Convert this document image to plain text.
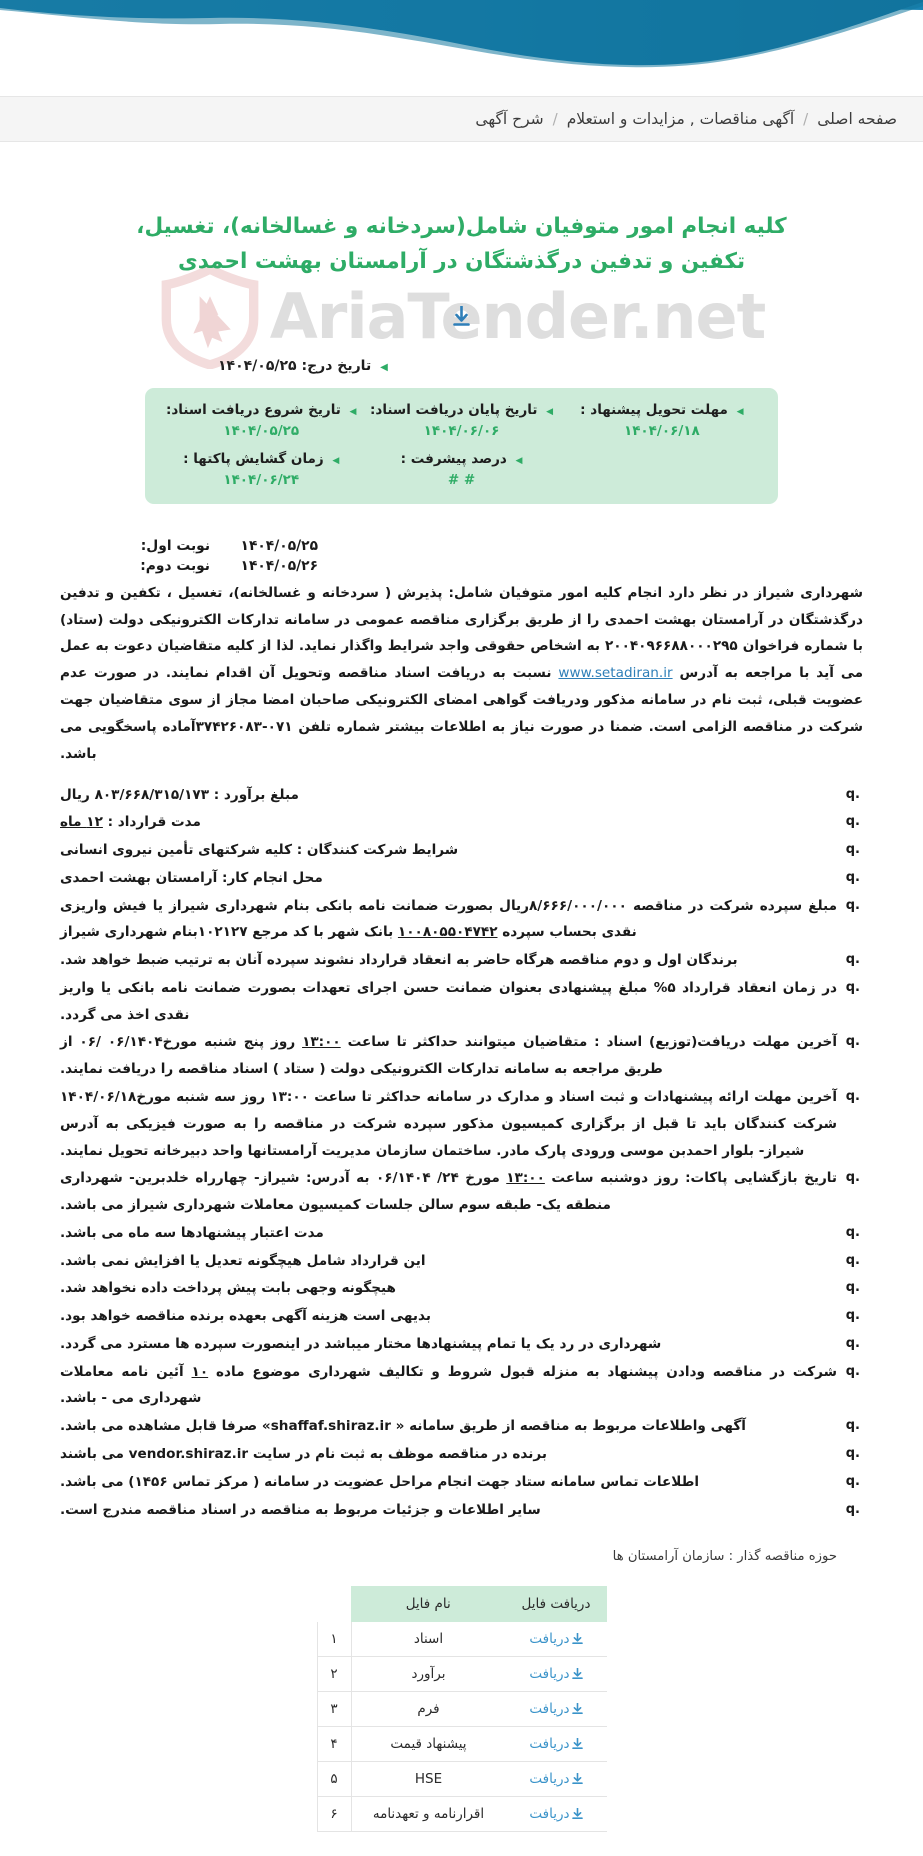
صفحه اصلی
/
آگهی مناقصات , مزایدات و استعلام
/
شرح آگهی
AriaTender.net
کلیه انجام امور متوفیان شامل(سردخانه و غسالخانه)، تغسیل، تکفین و تدفین درگذشتگان در آرامستان بهشت احمدی
◀ تاریخ درج: ۱۴۰۴/۰۵/۲۵
◀ مهلت تحویل پیشنهاد :
۱۴۰۴/۰۶/۱۸
◀ تاریخ پایان دریافت اسناد:
۱۴۰۴/۰۶/۰۶
◀ تاریخ شروع دریافت اسناد:
۱۴۰۴/۰۵/۲۵
◀ درصد پیشرفت :
# #
◀ زمان گشایش پاکتها :
۱۴۰۴/۰۶/۲۴
۱۴۰۴/۰۵/۲۵
نوبت اول:
۱۴۰۴/۰۵/۲۶
نوبت دوم:

شهرداری شیراز در نظر دارد انجام کلیه امور متوفیان شامل: پذیرش ( سردخانه و غسالخانه)، تغسیل ، تکفین و تدفین درگذشتگان در آرامستان بهشت احمدی را از طریق برگزاری مناقصه عمومی در سامانه تدارکات الکترونیکی دولت (ستاد) با شماره فراخوان ۲۰۰۴۰۹۶۶۸۸۰۰۰۲۹۵ به اشخاص حقوقی واجد شرایط واگذار نماید. لذا از کلیه متقاضیان دعوت به عمل می آید با مراجعه به آدرس www.setadiran.ir نسبت به دریافت اسناد مناقصه وتحویل آن اقدام نمایند. در صورت عدم عضویت قبلی، ثبت نام در سامانه مذکور ودریافت گواهی امضای الکترونیکی صاحبان امضا مجاز از سوی متقاضیان جهت شرکت در مناقصه الزامی است. ضمنا در صورت نیاز به اطلاعات بیشتر شماره تلفن ۰۷۱-۳۷۴۲۶۰۸۳آماده پاسخگویی می باشد.

q. مبلغ برآورد : ۸۰۳/۶۶۸/۳۱۵/۱۷۳ ریال
q. مدت قرارداد : ۱۲ ماه
q. شرایط شرکت کنندگان : کلیه شرکتهای تأمین نیروی انسانی
q. محل انجام کار: آرامستان بهشت احمدی
q. مبلغ سپرده شرکت در مناقصه ۸/۶۶۶/۰۰۰/۰۰۰ریال بصورت ضمانت نامه بانکی بنام شهرداری شیراز یا فیش واریزی نقدی بحساب سپرده ۱۰۰۸۰۵۵۰۴۷۴۲ بانک شهر با کد مرجع ۱۰۲۱۲۷بنام شهرداری شیراز
q. برندگان اول و دوم مناقصه هرگاه حاضر به انعقاد قرارداد نشوند سپرده آنان به ترتیب ضبط خواهد شد.
q. در زمان انعقاد قرارداد ۵% مبلغ پیشنهادی بعنوان ضمانت حسن اجرای تعهدات بصورت ضمانت نامه بانکی یا واریز نقدی اخذ می گردد.
q. آخرین مهلت دریافت(توزیع) اسناد : متقاضیان میتوانند حداکثر تا ساعت ۱۳:۰۰ روز پنج شنبه مورخ۰۶/۱۴۰۴ /۰۶ از طریق مراجعه به سامانه تدارکات الکترونیکی دولت ( ستاد ) اسناد مناقصه را دریافت نمایند.
q. آخرین مهلت ارائه پیشنهادات و ثبت اسناد و مدارک در سامانه حداکثر تا ساعت ۱۳:۰۰ روز سه شنبه مورخ۱۴۰۴/۰۶/۱۸ شرکت کنندگان باید تا قبل از برگزاری کمیسیون مذکور سپرده شرکت در مناقصه را به صورت فیزیکی به آدرس شیراز- بلوار احمدبن موسی ورودی پارک مادر. ساختمان سازمان مدیریت آرامستانها واحد دبیرخانه تحویل نمایند.
q. تاریخ بازگشایی پاکات: روز دوشنبه ساعت ۱۳:۰۰ مورخ ۲۴/ ۰۶/۱۴۰۴ به آدرس: شیراز- چهارراه خلدبرین- شهرداری منطقه یک- طبقه سوم سالن جلسات کمیسیون معاملات شهرداری شیراز می باشد.
q. مدت اعتبار پیشنهادها سه ماه می باشد.
q. این قرارداد شامل هیچگونه تعدیل یا افزایش نمی باشد.
q. هیچگونه وجهی بابت پیش پرداخت داده نخواهد شد.
q. بدیهی است هزینه آگهی بعهده برنده مناقصه خواهد بود.
q. شهرداری در رد یک یا تمام پیشنهادها مختار میباشد در اینصورت سپرده ها مسترد می گردد.
q. شرکت در مناقصه ودادن پیشنهاد به منزله قبول شروط و تکالیف شهرداری موضوع ماده ۱۰ آئین نامه معاملات شهرداری می - باشد.
q. آگهی واطلاعات مربوط به مناقصه از طریق سامانه « shaffaf.shiraz.ir» صرفا قابل مشاهده می باشد.
q. برنده در مناقصه موظف به ثبت نام در سایت vendor.shiraz.ir می باشند
q. اطلاعات تماس سامانه ستاد جهت انجام مراحل عضویت در سامانه ( مرکز تماس ۱۴۵۶) می باشد.
q. سایر اطلاعات و جزئیات مربوط به مناقصه در اسناد مناقصه مندرج است.
حوزه مناقصه گذار : سازمان آرامستان ها
دریافت فایل	نام فایل	
دریافت	اسناد	۱
دریافت	برآورد	۲
دریافت	فرم	۳
دریافت	پیشنهاد قیمت	۴
دریافت	HSE	۵
دریافت	اقرارنامه و تعهدنامه	۶
